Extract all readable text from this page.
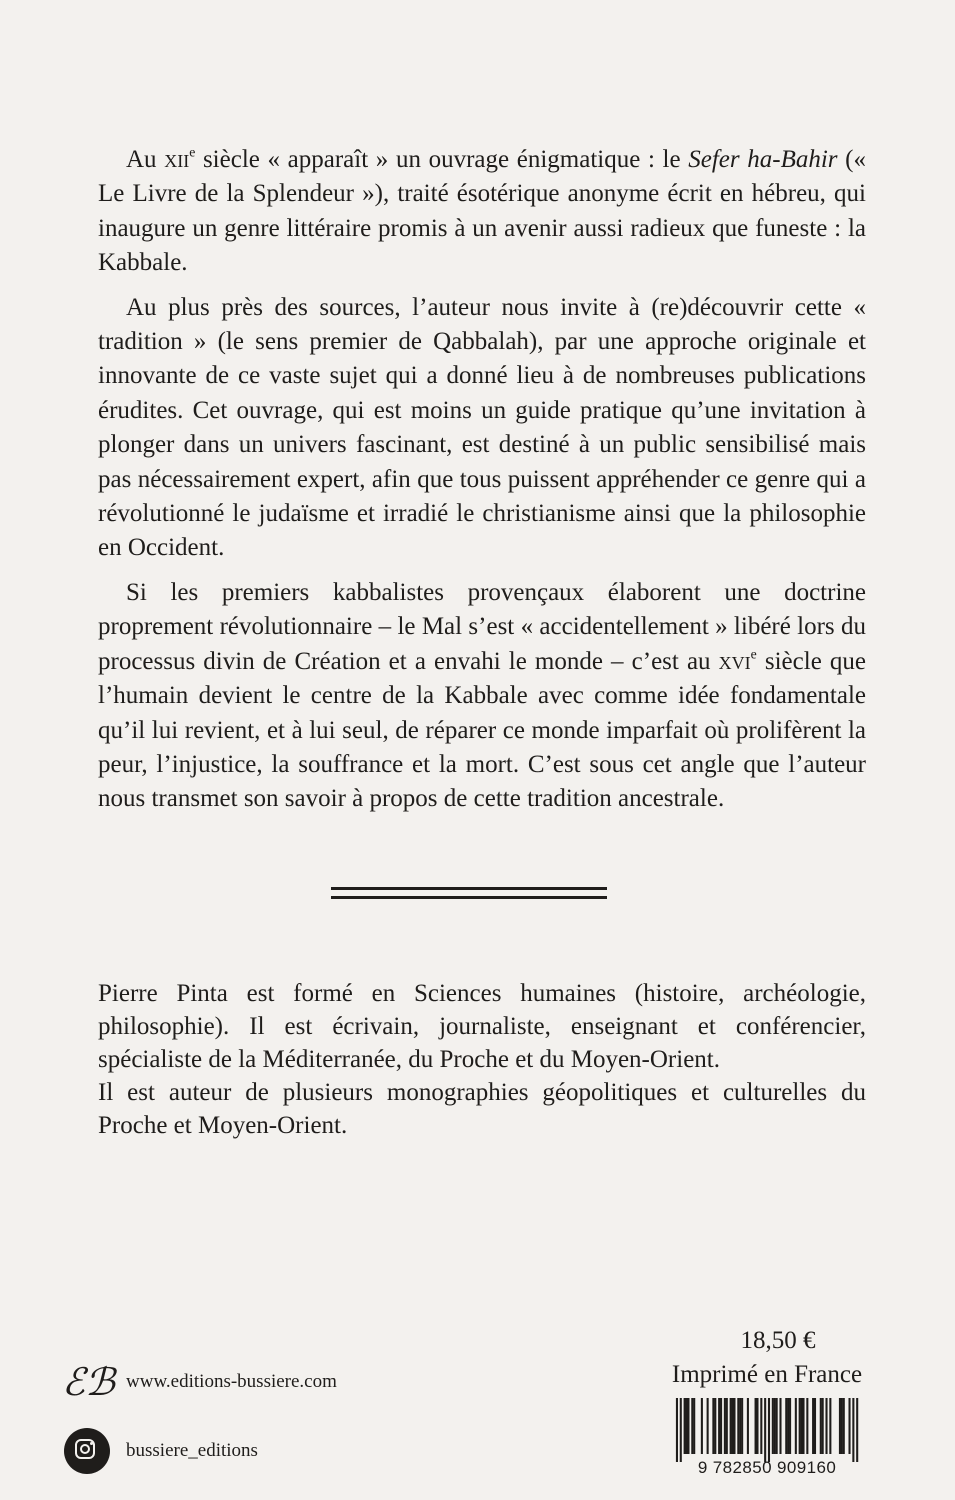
Au xii$^e$ siècle « apparaît » un ouvrage énigmatique : le Sefer ha-Bahir (« Le Livre de la Splendeur »), traité ésotérique anonyme écrit en hébreu, qui inaugure un genre littéraire promis à un avenir aussi radieux que funeste : la Kabbale.

Au plus près des sources, l’auteur nous invite à (re)découvrir cette « tradition » (le sens premier de Qabbalah), par une approche originale et innovante de ce vaste sujet qui a donné lieu à de nombreuses publications érudites. Cet ouvrage, qui est moins un guide pratique qu’une invitation à plonger dans un univers fascinant, est destiné à un public sensibilisé mais pas nécessairement expert, afin que tous puissent appréhender ce genre qui a révolutionné le judaïsme et irradié le christianisme ainsi que la philosophie en Occident.

Si les premiers kabbalistes provençaux élaborent une doctrine proprement révolutionnaire – le Mal s’est « accidentellement » libéré lors du processus divin de Création et a envahi le monde – c’est au xvi$^e$ siècle que l’humain devient le centre de la Kabbale avec comme idée fondamentale qu’il lui revient, et à lui seul, de réparer ce monde imparfait où prolifèrent la peur, l’injustice, la souffrance et la mort. C’est sous cet angle que l’auteur nous transmet son savoir à propos de cette tradition ancestrale.

Pierre Pinta est formé en Sciences humaines (histoire, archéologie, philosophie). Il est écrivain, journaliste, enseignant et conférencier, spécialiste de la Méditerranée, du Proche et du Moyen-Orient.

Il est auteur de plusieurs monographies géopolitiques et culturelles du Proche et Moyen-Orient.

ℰℬ www.editions-bussiere.com
bussiere_editions
18,50 €
Imprimé en France
9 782850 909160
